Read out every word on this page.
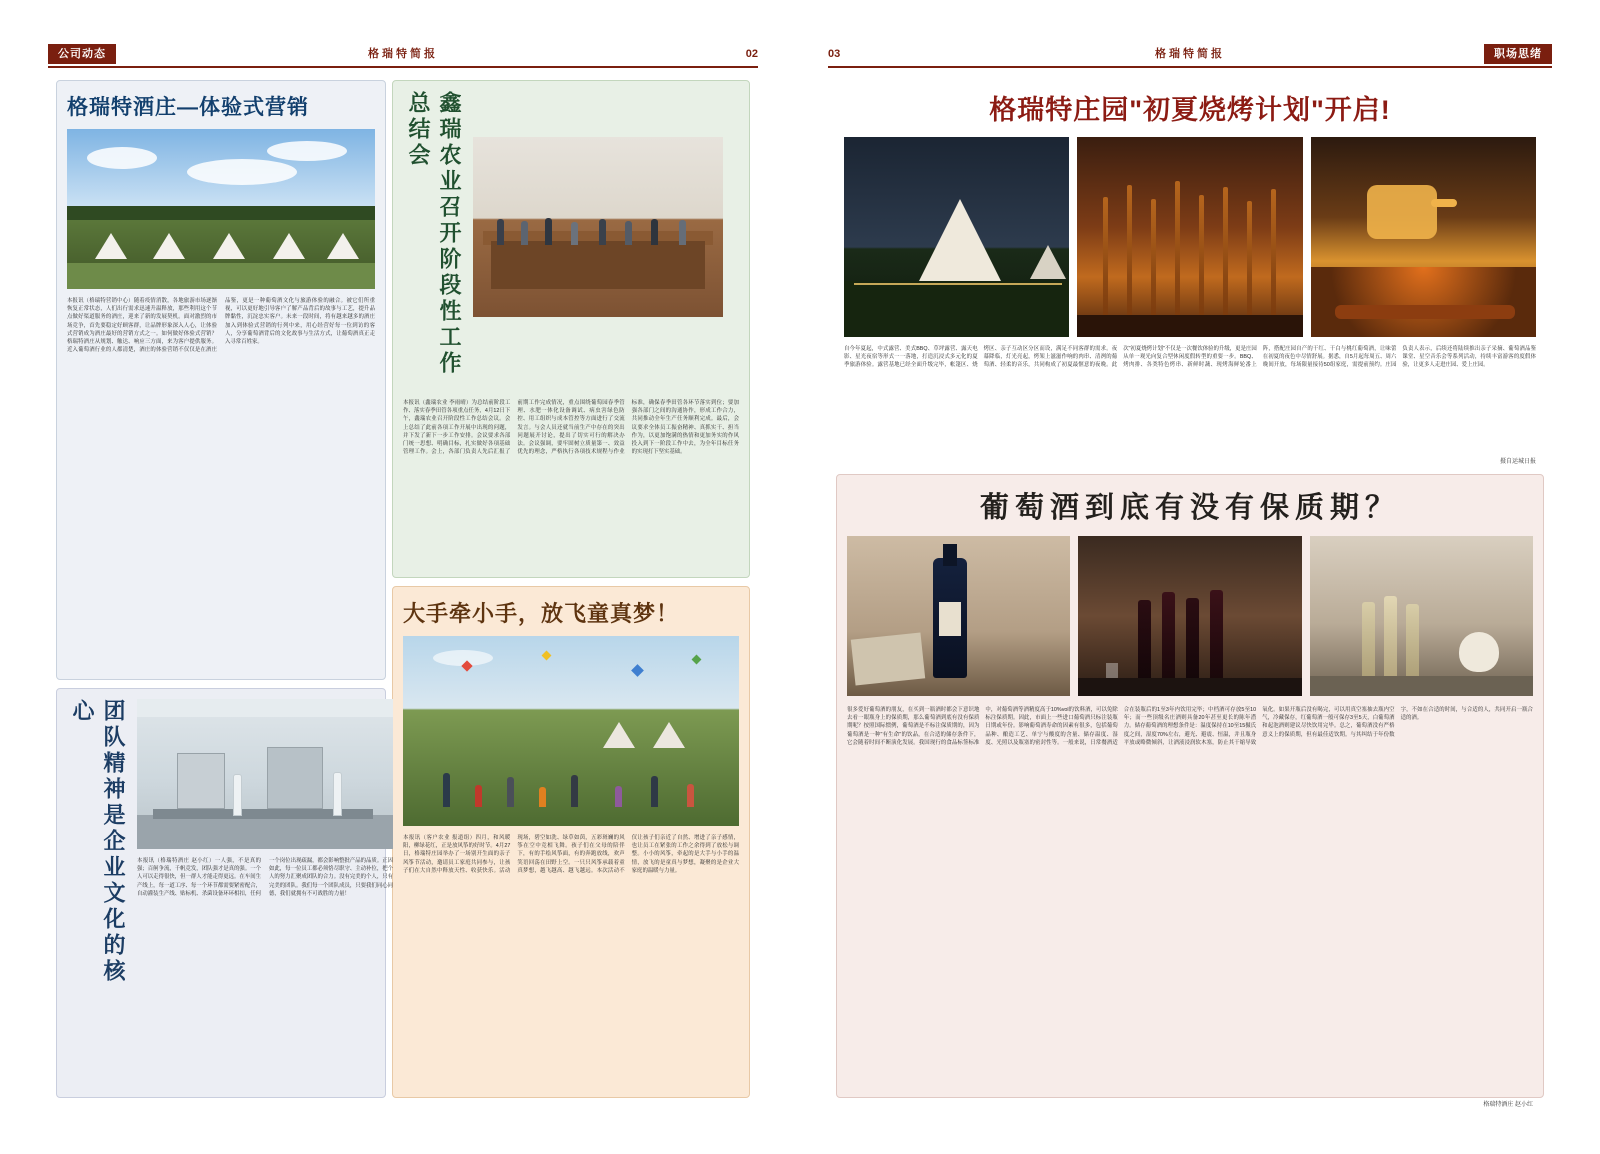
公司动态	格瑞特简报	02
格瑞特酒庄—体验式营销
本报讯（格瑞特营销中心）随着疫情消散，各地旅游市场逐渐恢复正常状态，人们出行需求迅速升温释放，那些利用这个节点做好渠道服务的酒庄，迎来了新的发展契机。面对激烈的市场竞争，首先要稳定好顾客群，让品牌形象深入人心，让体验式营销成为酒庄最好的营销方式之一。如何做好体验式营销？格瑞特酒庄从规划、触达、响应三方面，来为客户提供服务。近入葡萄酒行业的人都清楚，酒庄的体验营销不仅仅是在酒庄品鉴，更是一种葡萄酒文化与旅游体验的融合。被它们所重视，可以更好地引导客户了解产品背后的故事与工艺，提升品牌黏性，沉淀忠实客户。未来一段时间，将有越来越多的酒庄加入到体验式营销的行列中来，用心经营好每一位到访的客人，分享葡萄酒背后的文化故事与生活方式，让葡萄酒真正走入寻常百姓家。	鑫瑞农业召开阶段性工作总结会
本报讯（鑫瑞农业 李雨晴）为总结前阶段工作、落实春季田管各项重点任务，4月12日下午，鑫瑞农业召开阶段性工作总结会议。会上总结了此前各项工作开展中出现的问题，并下发了新下一步工作安排。会议要求各部门统一思想、明确目标，扎实做好各项基础管理工作。会上，各部门负责人先后汇报了前期工作完成情况，重点围绕葡萄园春季管理、水肥一体化设备调试、病虫害绿色防控、用工组织与成本管控等方面进行了交流发言。与会人员还就当前生产中存在的突出问题展开讨论，提出了切实可行的解决办法。会议强调，要牢固树立质量第一、效益优先的理念，严格执行各项技术规程与作业标准，确保春季田管各环节落实到位；要加强各部门之间的沟通协作，形成工作合力，共同推动全年生产任务顺利完成。最后，会议要求全体员工振奋精神、真抓实干、担当作为，以更加饱满的热情和更加务实的作风投入到下一阶段工作中去，为全年目标任务的实现打下坚实基础。
大手牵小手，放飞童真梦！
本报讯（客户农业 报道组）四月，和风暖阳，柳绿花红，正是放风筝的好时节。4月27日，格瑞特庄园举办了一场别开生面的亲子风筝节活动，邀请员工家庭共同参与，让孩子们在大自然中释放天性、收获快乐。活动现场，碧空如洗、绿草如茵，五彩斑斓的风筝在空中竞相飞舞。孩子们在父母的陪伴下，有的手绘风筝面，有的奔跑放线，欢声笑语回荡在田野上空。一只只风筝承载着童真梦想，越飞越高、越飞越远。本次活动不仅让孩子们亲近了自然、增进了亲子感情，也让员工在紧张的工作之余得到了放松与调整。小小的风筝，牵起的是大手与小手的温情，放飞的是童真与梦想，凝聚的是企业大家庭的温暖与力量。
团队精神是企业文化的核心
本报讯（格瑞特酒庄 赵小红）一人强，不是真的强；百舸争流，千帆竞发，团队强才是真的强。一个人可以走得很快，但一群人才能走得更远。在车间生产线上，每一道工序、每一个环节都需要紧密配合，自动灌装生产线、贴标机、杀菌设备环环相扣，任何一个岗位出现疏漏，都会影响整批产品的品质。正因如此，每一位员工都必须恪尽职守、主动补位，把个人的努力汇聚成团队的合力。没有完美的个人，只有完美的团队。我们每一个团队成员，只要我们同心同德，我们就拥有不可战胜的力量！
03	格瑞特简报	职场思绪
格瑞特庄园"初夏烧烤计划"开启!
自今年夏起，中式露营、美式BBQ、草坪露营、露天电影、星光夜宿等形式一一落地，打造沉浸式多元化的夏季旅游体验。露营基地已经全面升级完毕，帐篷区、烧烤区、亲子互动区分区而设，满足不同客群的需求。夜幕降临，灯光亮起，烤架上滋滋作响的肉串、清冽的葡萄酒、轻柔的音乐，共同构成了初夏最惬意的夜晚。此次"初夏烧烤计划"不仅是一次餐饮体验的升级，更是庄园从单一观光向复合型休闲度假转型的重要一步。BBQ、烤肉排、各类特色烤串、新鲜时蔬、现烤海鲜轮番上阵，搭配庄园自产的干红、干白与桃红葡萄酒，让味蕾在初夏的夜色中尽情舒展。据悉，自5月起每周五、周六晚间开放，每场限量接待50组家庭，需提前预约。庄园负责人表示，后续还将陆续推出亲子采摘、葡萄酒品鉴课堂、星空音乐会等系列活动，持续丰富游客的度假体验，让更多人走进庄园、爱上庄园。
摄自运城日报
葡萄酒到底有没有保质期？
很多爱好葡萄酒的朋友，在买到一瓶酒时都会下意识地去看一眼瓶身上的保质期，那么葡萄酒到底有没有保质期呢？按照国际惯例，葡萄酒是不标注保质期的，因为葡萄酒是一种"有生命"的饮品，在合适的储存条件下，它会随着时间不断演化发展。我国现行的食品标签标准中，对葡萄酒等酒精度高于10%vol的饮料酒，可以免除标注保质期。因此，市面上一些进口葡萄酒只标注装瓶日期或年份。影响葡萄酒寿命的因素有很多，包括葡萄品种、酿造工艺、单宁与酸度的含量、储存温度、湿度、光照以及瓶塞的密封性等。一般来说，日常餐酒适合在装瓶后的1至3年内饮用完毕；中档酒可存放5至10年；而一些顶级名庄酒则具备20年甚至更长的陈年潜力。储存葡萄酒的理想条件是：温度保持在10至15摄氏度之间，湿度70%左右，避光、避震、恒温，并且瓶身平放或略微倾斜，让酒液浸润软木塞，防止其干缩导致氧化。如果开瓶后没有喝完，可以用真空塞抽去瓶内空气，冷藏保存，红葡萄酒一般可保存3至5天，白葡萄酒和起泡酒则建议尽快饮用完毕。总之，葡萄酒没有严格意义上的保质期，但有最佳适饮期。与其纠结于年份数字，不如在合适的时间，与合适的人，共同开启一瓶合适的酒。
格瑞特酒庄 赵小红
